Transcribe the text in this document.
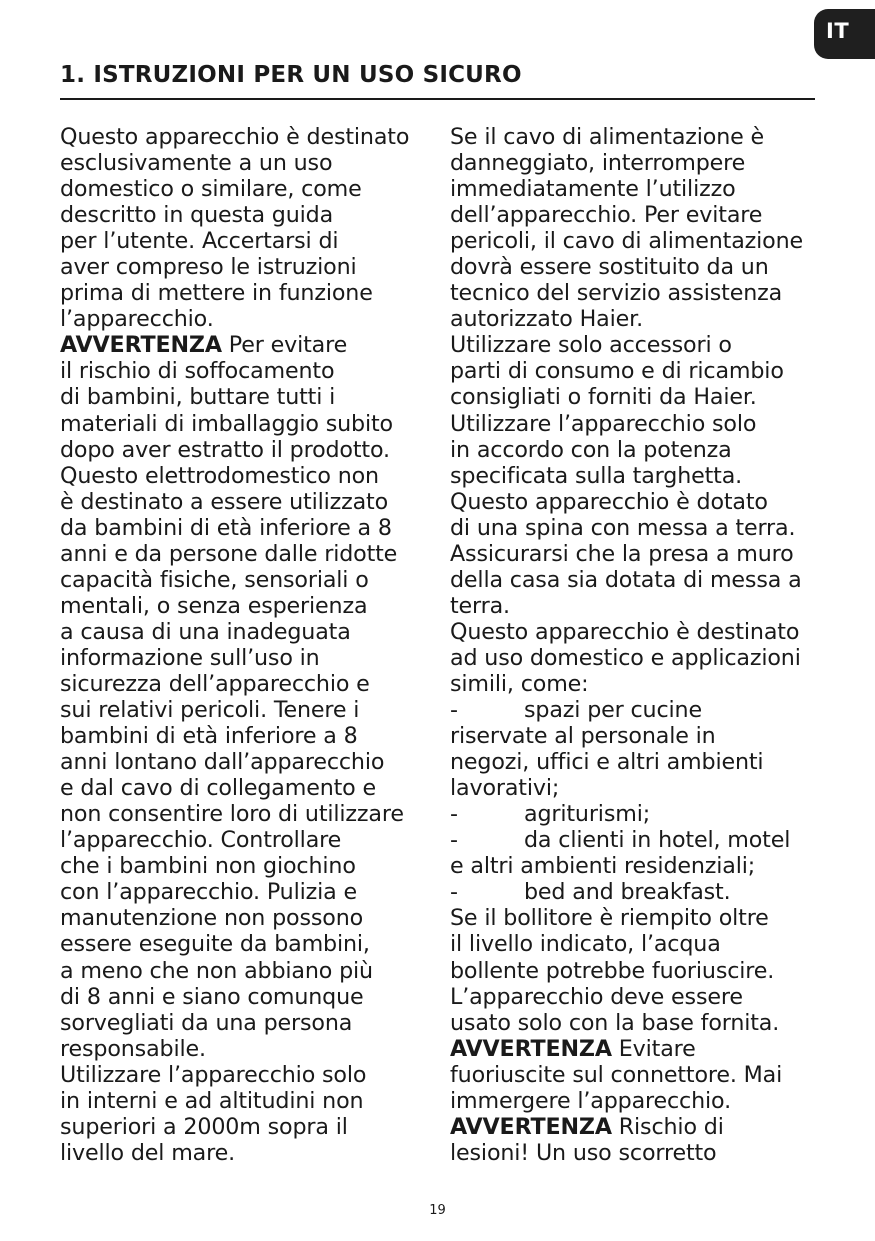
IT
1. ISTRUZIONI PER UN USO SICURO
Questo apparecchio è destinato
esclusivamente a un uso
domestico o similare, come
descritto in questa guida
per l’utente. Accertarsi di
aver compreso le istruzioni
prima di mettere in funzione
l’apparecchio.
AVVERTENZA Per evitare
il rischio di soffocamento
di bambini, buttare tutti i
materiali di imballaggio subito
dopo aver estratto il prodotto.
Questo elettrodomestico non
è destinato a essere utilizzato
da bambini di età inferiore a 8
anni e da persone dalle ridotte
capacità fisiche, sensoriali o
mentali, o senza esperienza
a causa di una inadeguata
informazione sull’uso in
sicurezza dell’apparecchio e
sui relativi pericoli. Tenere i
bambini di età inferiore a 8
anni lontano dall’apparecchio
e dal cavo di collegamento e
non consentire loro di utilizzare
l’apparecchio. Controllare
che i bambini non giochino
con l’apparecchio. Pulizia e
manutenzione non possono
essere eseguite da bambini,
a meno che non abbiano più
di 8 anni e siano comunque
sorvegliati da una persona
responsabile.
Utilizzare l’apparecchio solo
in interni e ad altitudini non
superiori a 2000m sopra il
livello del mare.
Se il cavo di alimentazione è
danneggiato, interrompere
immediatamente l’utilizzo
dell’apparecchio. Per evitare
pericoli, il cavo di alimentazione
dovrà essere sostituito da un
tecnico del servizio assistenza
autorizzato Haier.
Utilizzare solo accessori o
parti di consumo e di ricambio
consigliati o forniti da Haier.
Utilizzare l’apparecchio solo
in accordo con la potenza
specificata sulla targhetta.
Questo apparecchio è dotato
di una spina con messa a terra.
Assicurarsi che la presa a muro
della casa sia dotata di messa a
terra.
Questo apparecchio è destinato
ad uso domestico e applicazioni
simili, come:
-	spazi per cucine
riservate al personale in
negozi, uffici e altri ambienti
lavorativi;
-	agriturismi;
-	da clienti in hotel, motel
e altri ambienti residenziali;
-	bed and breakfast.
Se il bollitore è riempito oltre
il livello indicato, l’acqua
bollente potrebbe fuoriuscire.
L’apparecchio deve essere
usato solo con la base fornita.
AVVERTENZA Evitare
fuoriuscite sul connettore. Mai
immergere l’apparecchio.
AVVERTENZA Rischio di
lesioni! Un uso scorretto
19
